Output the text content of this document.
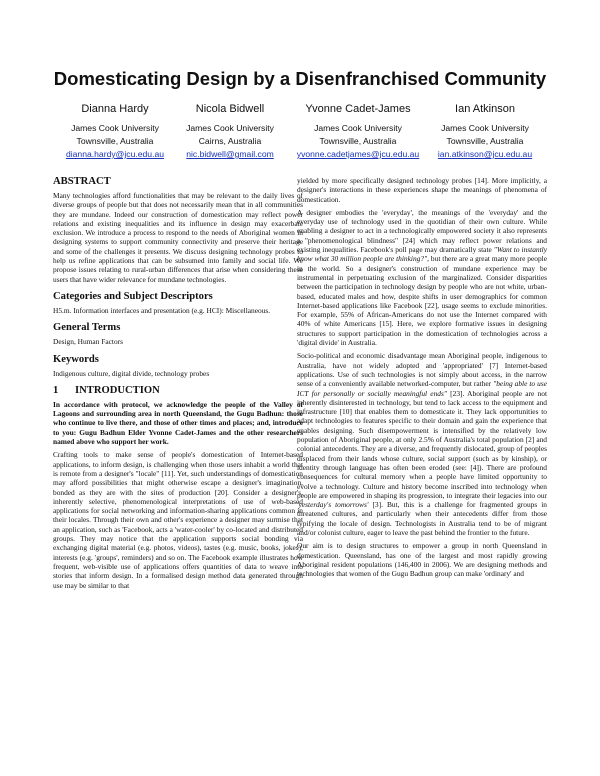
Domesticating Design by a Disenfranchised Community
Dianna Hardy
James Cook University
Townsville, Australia
dianna.hardy@jcu.edu.au
Nicola Bidwell
James Cook University
Cairns, Australia
nic.bidwell@gmail.com
Yvonne Cadet-James
James Cook University
Townsville, Australia
yvonne.cadetjames@jcu.edu.au
Ian Atkinson
James Cook University
Townsville, Australia
ian.atkinson@jcu.edu.au
ABSTRACT

Many technologies afford functionalities that may be relevant to the daily lives of diverse groups of people but that does not necessarily mean that in all communities they are mundane. Indeed our construction of domestication may reflect power relations and existing inequalities and its influence in design may exacerbate exclusion. We introduce a process to respond to the needs of Aboriginal women in designing systems to support community connectivity and preserve their heritage and some of the challenges it presents. We discuss designing technology probes to help us refine applications that can be subsumed into family and social life. We propose issues relating to rural-urban differences that arise when considering these users that have wider relevance for mundane technologies.

Categories and Subject Descriptors

H5.m. Information interfaces and presentation (e.g. HCI): Miscellaneous.

General Terms

Design, Human Factors

Keywords

Indigenous culture, digital divide, technology probes

1 INTRODUCTION

In accordance with protocol, we acknowledge the people of the Valley of Lagoons and surrounding area in north Queensland, the Gugu Badhun: those who continue to live there, and those of other times and places; and, introduce to you: Gugu Badhun Elder Yvonne Cadet-James and the other researchers named above who support her work.

Crafting tools to make sense of people's domestication of Internet-based applications, to inform design, is challenging when those users inhabit a world that is remote from a designer's "locale" [11]. Yet, such understandings of domestication may afford possibilities that might otherwise escape a designer's imagination, bonded as they are with the sites of production [20]. Consider a designer's, inherently selective, phenomenological interpretations of use of web-based applications for social networking and information-sharing applications common in their locales. Through their own and other's experience a designer may surmise that an application, such as 'Facebook, acts a 'water-cooler' by co-located and distributed groups. They may notice that the application supports social bonding via exchanging digital material (e.g. photos, videos), tastes (e.g. music, books, jokes), interests (e.g. 'groups', reminders) and so on. The Facebook example illustrates how frequent, web-visible use of applications offers quantities of data to weave into stories that inform design. In a formalised design method data generated through use may be similar to that

yielded by more specifically designed technology probes [14]. More implicitly, a designer's interactions in these experiences shape the meanings of phenomena of domestication.

A designer embodies the 'everyday', the meanings of the 'everyday' and the everyday use of technology used in the quotidian of their own culture. While enabling a designer to act in a technologically empowered society it also represents a "phenomenological blindness" [24] which may reflect power relations and existing inequalities. Facebook's poll page may dramatically state "Want to instantly know what 30 million people are thinking?", but there are a great many more people in the world. So a designer's construction of mundane experience may be instrumental in perpetuating exclusion of the marginalized. Consider disparities between the participation in technology design by people who are not white, urban-based, educated males and how, despite shifts in user demographics for common Internet-based applications like Facebook [22], usage seems to exclude minorities. For example, 55% of African-Americans do not use the Internet compared with 40% of white Americans [15]. Here, we explore formative issues in designing structures to support participation in the domestication of technologies across a 'digital divide' in Australia.

Socio-political and economic disadvantage mean Aboriginal people, indigenous to Australia, have not widely adopted and 'appropriated' [7] Internet-based applications. Use of such technologies is not simply about access, in the narrow sense of a conveniently available networked-computer, but rather "being able to use ICT for personally or socially meaningful ends" [23]. Aboriginal people are not inherently disinterested in technology, but tend to lack access to the equipment and infrastructure [10] that enables them to domesticate it. They lack opportunities to adapt technologies to features specific to their domain and gain the experience that enables designing. Such disempowerment is intensified by the relatively low population of Aboriginal people, at only 2.5% of Australia's total population [2] and colonial antecedents. They are a diverse, and frequently dislocated, group of peoples displaced from their lands whose culture, social support (such as by kinship), or identity through language has often been eroded (see: [4]). There are profound consequences for cultural memory when a people have limited opportunity to evolve a technology. Culture and history become inscribed into technology when people are empowered in shaping its progression, to integrate their legacies into our 'yesterday's tomorrows' [3]. But, this is a challenge for fragmented groups in threatened cultures, and particularly when their antecedents differ from those typifying the locale of design. Technologists in Australia tend to be of migrant and/or colonist culture, eager to leave the past behind the frontier to the future.

Our aim is to design structures to empower a group in north Queensland in domestication. Queensland, has one of the largest and most rapidly growing Aboriginal resident populations (146,400 in 2006). We are designing methods and technologies that women of the Gugu Badhun group can make 'ordinary' and
